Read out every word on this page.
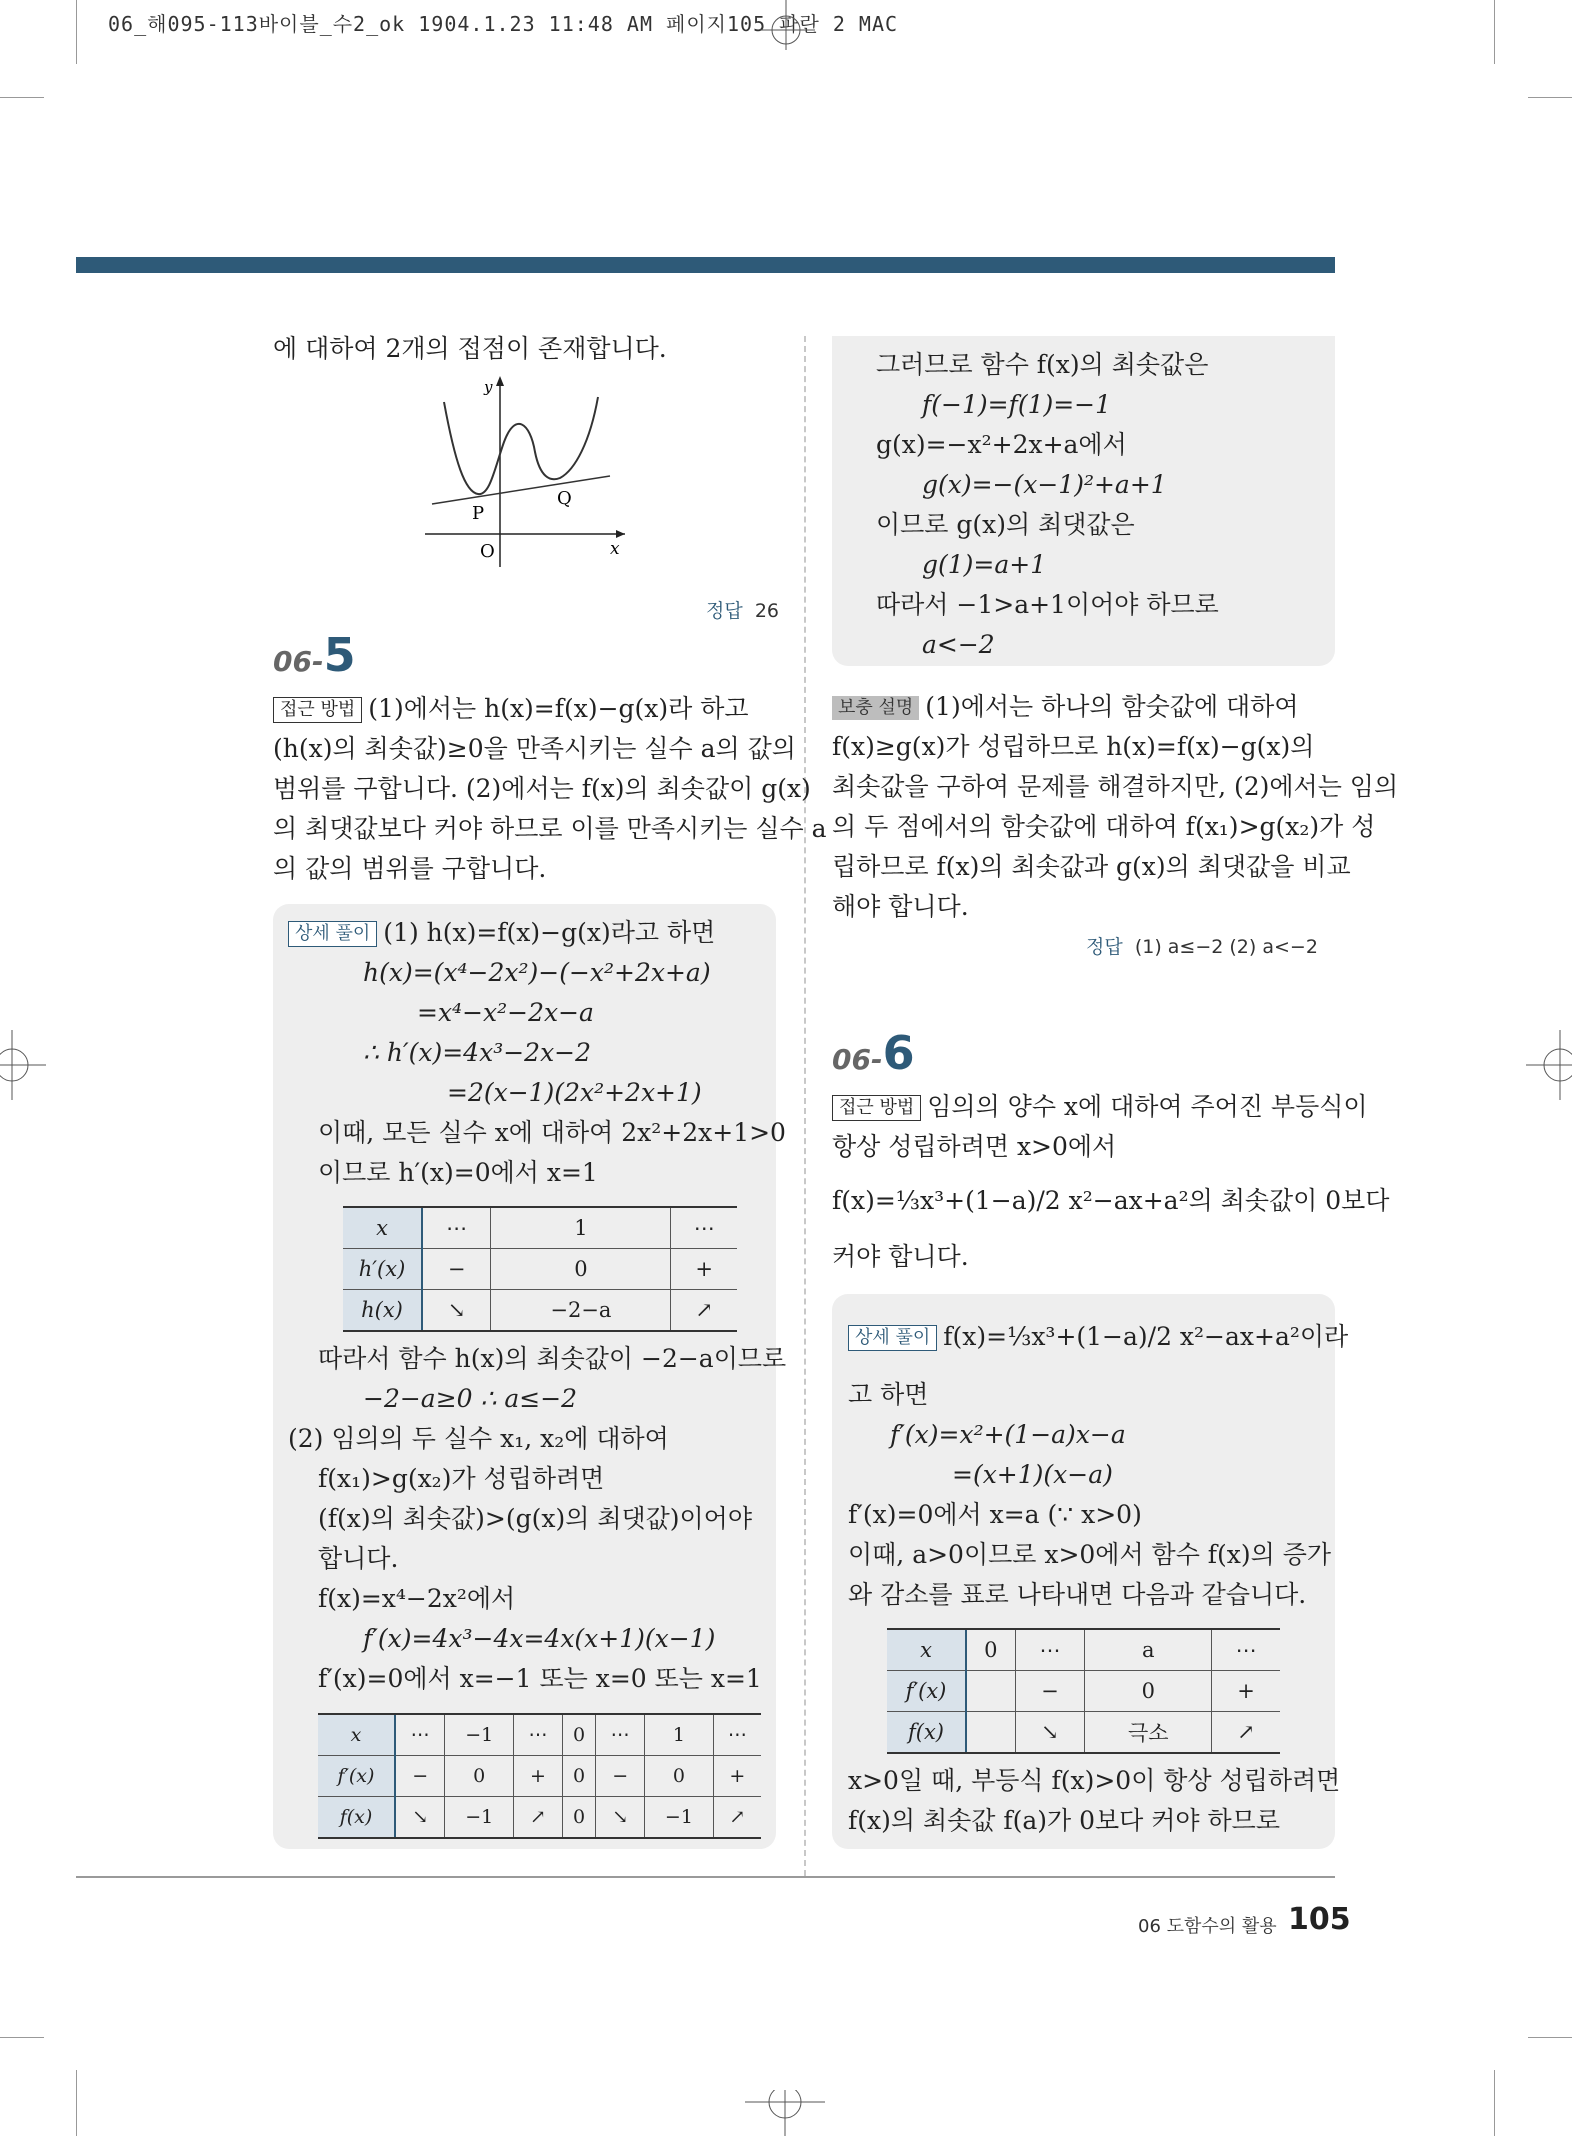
06_해095-113바이블_수2_ok 1904.1.23 11:48 AM 페이지105 파란 2 MAC
에 대하여 2개의 접점이 존재합니다.
y
x
O
P
Q
정답 26
06-5
접근 방법 (1)에서는 h(x)=f(x)−g(x)라 하고
(h(x)의 최솟값)≥0을 만족시키는 실수 a의 값의
범위를 구합니다. (2)에서는 f(x)의 최솟값이 g(x)
의 최댓값보다 커야 하므로 이를 만족시키는 실수 a
의 값의 범위를 구합니다.
상세 풀이 (1) h(x)=f(x)−g(x)라고 하면
h(x)=(x⁴−2x²)−(−x²+2x+a)
=x⁴−x²−2x−a
∴ h′(x)=4x³−2x−2
=2(x−1)(2x²+2x+1)
이때, 모든 실수 x에 대하여 2x²+2x+1>0
이므로 h′(x)=0에서 x=1
x	⋯	1	⋯
h′(x)	−	0	+
h(x)	↘	−2−a	↗
따라서 함수 h(x)의 최솟값이 −2−a이므로
−2−a≥0 ∴ a≤−2
(2) 임의의 두 실수 x₁, x₂에 대하여
f(x₁)>g(x₂)가 성립하려면
(f(x)의 최솟값)>(g(x)의 최댓값)이어야
합니다.
f(x)=x⁴−2x²에서
f′(x)=4x³−4x=4x(x+1)(x−1)
f′(x)=0에서 x=−1 또는 x=0 또는 x=1
x	⋯	−1	⋯	0	⋯	1	⋯
f′(x)	−	0	+	0	−	0	+
f(x)	↘	−1	↗	0	↘	−1	↗
그러므로 함수 f(x)의 최솟값은
f(−1)=f(1)=−1
g(x)=−x²+2x+a에서
g(x)=−(x−1)²+a+1
이므로 g(x)의 최댓값은
g(1)=a+1
따라서 −1>a+1이어야 하므로
a<−2
보충 설명 (1)에서는 하나의 함숫값에 대하여
f(x)≥g(x)가 성립하므로 h(x)=f(x)−g(x)의
최솟값을 구하여 문제를 해결하지만, (2)에서는 임의
의 두 점에서의 함숫값에 대하여 f(x₁)>g(x₂)가 성
립하므로 f(x)의 최솟값과 g(x)의 최댓값을 비교
해야 합니다.
정답 (1) a≤−2 (2) a<−2
06-6
접근 방법 임의의 양수 x에 대하여 주어진 부등식이
항상 성립하려면 x>0에서
f(x)=⅓x³+(1−a)/2 x²−ax+a²의 최솟값이 0보다
커야 합니다.
상세 풀이 f(x)=⅓x³+(1−a)/2 x²−ax+a²이라
고 하면
f′(x)=x²+(1−a)x−a
=(x+1)(x−a)
f′(x)=0에서 x=a (∵ x>0)
이때, a>0이므로 x>0에서 함수 f(x)의 증가
와 감소를 표로 나타내면 다음과 같습니다.
x	0	⋯	a	⋯
f′(x)		−	0	+
f(x)		↘	극소	↗
x>0일 때, 부등식 f(x)>0이 항상 성립하려면
f(x)의 최솟값 f(a)가 0보다 커야 하므로
06 도함수의 활용 105
